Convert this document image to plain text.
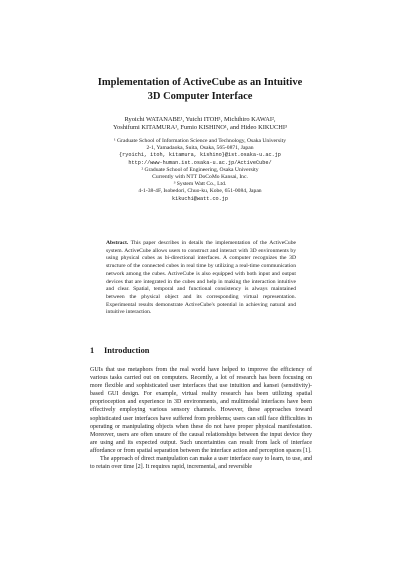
Implementation of ActiveCube as an Intuitive
3D Computer Interface
Ryoichi WATANABE¹, Yuichi ITOH¹, Michihiro KAWAI²,
Yoshifumi KITAMURA¹, Fumio KISHINO¹, and Hideo KIKUCHI³
¹ Graduate School of Information Science and Technology, Osaka University
2-1, Yamadaoka, Suita, Osaka, 565-0871, Japan
{ryoichi, itoh, kitamura, kishino}@ist.osaka-u.ac.jp
http://www-human.ist.osaka-u.ac.jp/ActiveCube/
² Graduate School of Engineering, Osaka University
Currently with NTT DoCoMo Kansai, Inc.
³ System Watt Co., Ltd.
4-1-38-4F, Isobedori, Chuo-ku, Kobe, 651-0084, Japan
kikuchi@watt.co.jp
Abstract. This paper describes in details the implementation of the ActiveCube system. ActiveCube allows users to construct and interact with 3D environments by using physical cubes as bi-directional interfaces. A computer recognizes the 3D structure of the connected cubes in real time by utilizing a real-time communication network among the cubes. ActiveCube is also equipped with both input and output devices that are integrated in the cubes and help in making the interaction intuitive and clear. Spatial, temporal and functional consistency is always maintained between the physical object and its corresponding virtual representation. Experimental results demonstrate ActiveCube's potential in achieving natural and intuitive interaction.
1 Introduction

GUIs that use metaphors from the real world have helped to improve the efficiency of various tasks carried out on computers. Recently, a lot of research has been focusing on more flexible and sophisticated user interfaces that use intuition and kansei (sensitivity)-based GUI design. For example, virtual reality research has been utilizing spatial proprioception and experience in 3D environments, and multimodal interfaces have been effectively employing various sensory channels. However, these approaches toward sophisticated user interfaces have suffered from problems; users can still face difficulties in operating or manipulating objects when these do not have proper physical manifestation. Moreover, users are often unsure of the causal relationships between the input device they are using and its expected output. Such uncertainties can result from lack of interface affordance or from spatial separation between the interface action and perception spaces [1].

The approach of direct manipulation can make a user interface easy to learn, to use, and to retain over time [2]. It requires rapid, incremental, and reversible
